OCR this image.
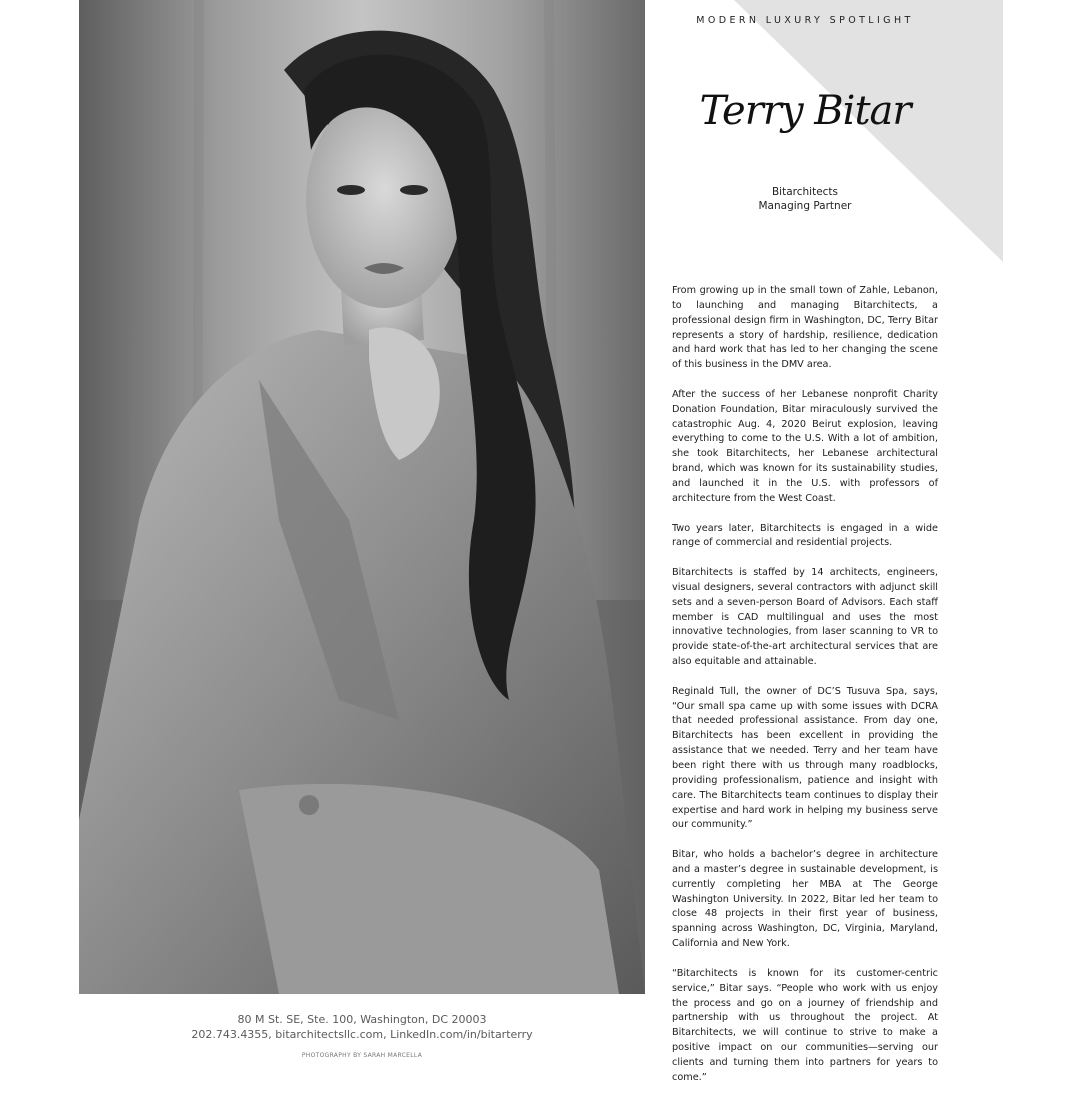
80 M St. SE, Ste. 100, Washington, DC 20003
202.743.4355, bitarchitectsllc.com, LinkedIn.com/in/bitarterry
PHOTOGRAPHY BY SARAH MARCELLA
MODERN LUXURY SPOTLIGHT
Terry Bitar
Bitarchitects
Managing Partner

From growing up in the small town of Zahle, Lebanon, to launching and managing Bitarchitects, a professional design firm in Washington, DC, Terry Bitar represents a story of hardship, resilience, dedication and hard work that has led to her changing the scene of this business in the DMV area.

After the success of her Lebanese nonprofit Charity Donation Foundation, Bitar miraculously survived the catastrophic Aug. 4, 2020 Beirut explosion, leaving everything to come to the U.S. With a lot of ambition, she took Bitarchitects, her Lebanese architectural brand, which was known for its sustainability studies, and launched it in the U.S. with professors of architecture from the West Coast.

Two years later, Bitarchitects is engaged in a wide range of commercial and residential projects.

Bitarchitects is staffed by 14 architects, engineers, visual designers, several contractors with adjunct skill sets and a seven-person Board of Advisors. Each staff member is CAD multilingual and uses the most innovative technologies, from laser scanning to VR to provide state-of-the-art architectural services that are also equitable and attainable.

Reginald Tull, the owner of DC’S Tusuva Spa, says, “Our small spa came up with some issues with DCRA that needed professional assistance. From day one, Bitarchitects has been excellent in providing the assistance that we needed. Terry and her team have been right there with us through many roadblocks, providing professionalism, patience and insight with care. The Bitarchitects team continues to display their expertise and hard work in helping my business serve our community.”

Bitar, who holds a bachelor’s degree in architecture and a master’s degree in sustainable development, is currently completing her MBA at The George Washington University. In 2022, Bitar led her team to close 48 projects in their first year of business, spanning across Washington, DC, Virginia, Maryland, California and New York.

“Bitarchitects is known for its customer-centric service,” Bitar says. “People who work with us enjoy the process and go on a journey of friendship and partnership with us throughout the project. At Bitarchitects, we will continue to strive to make a positive impact on our communities—serving our clients and turning them into partners for years to come.”
